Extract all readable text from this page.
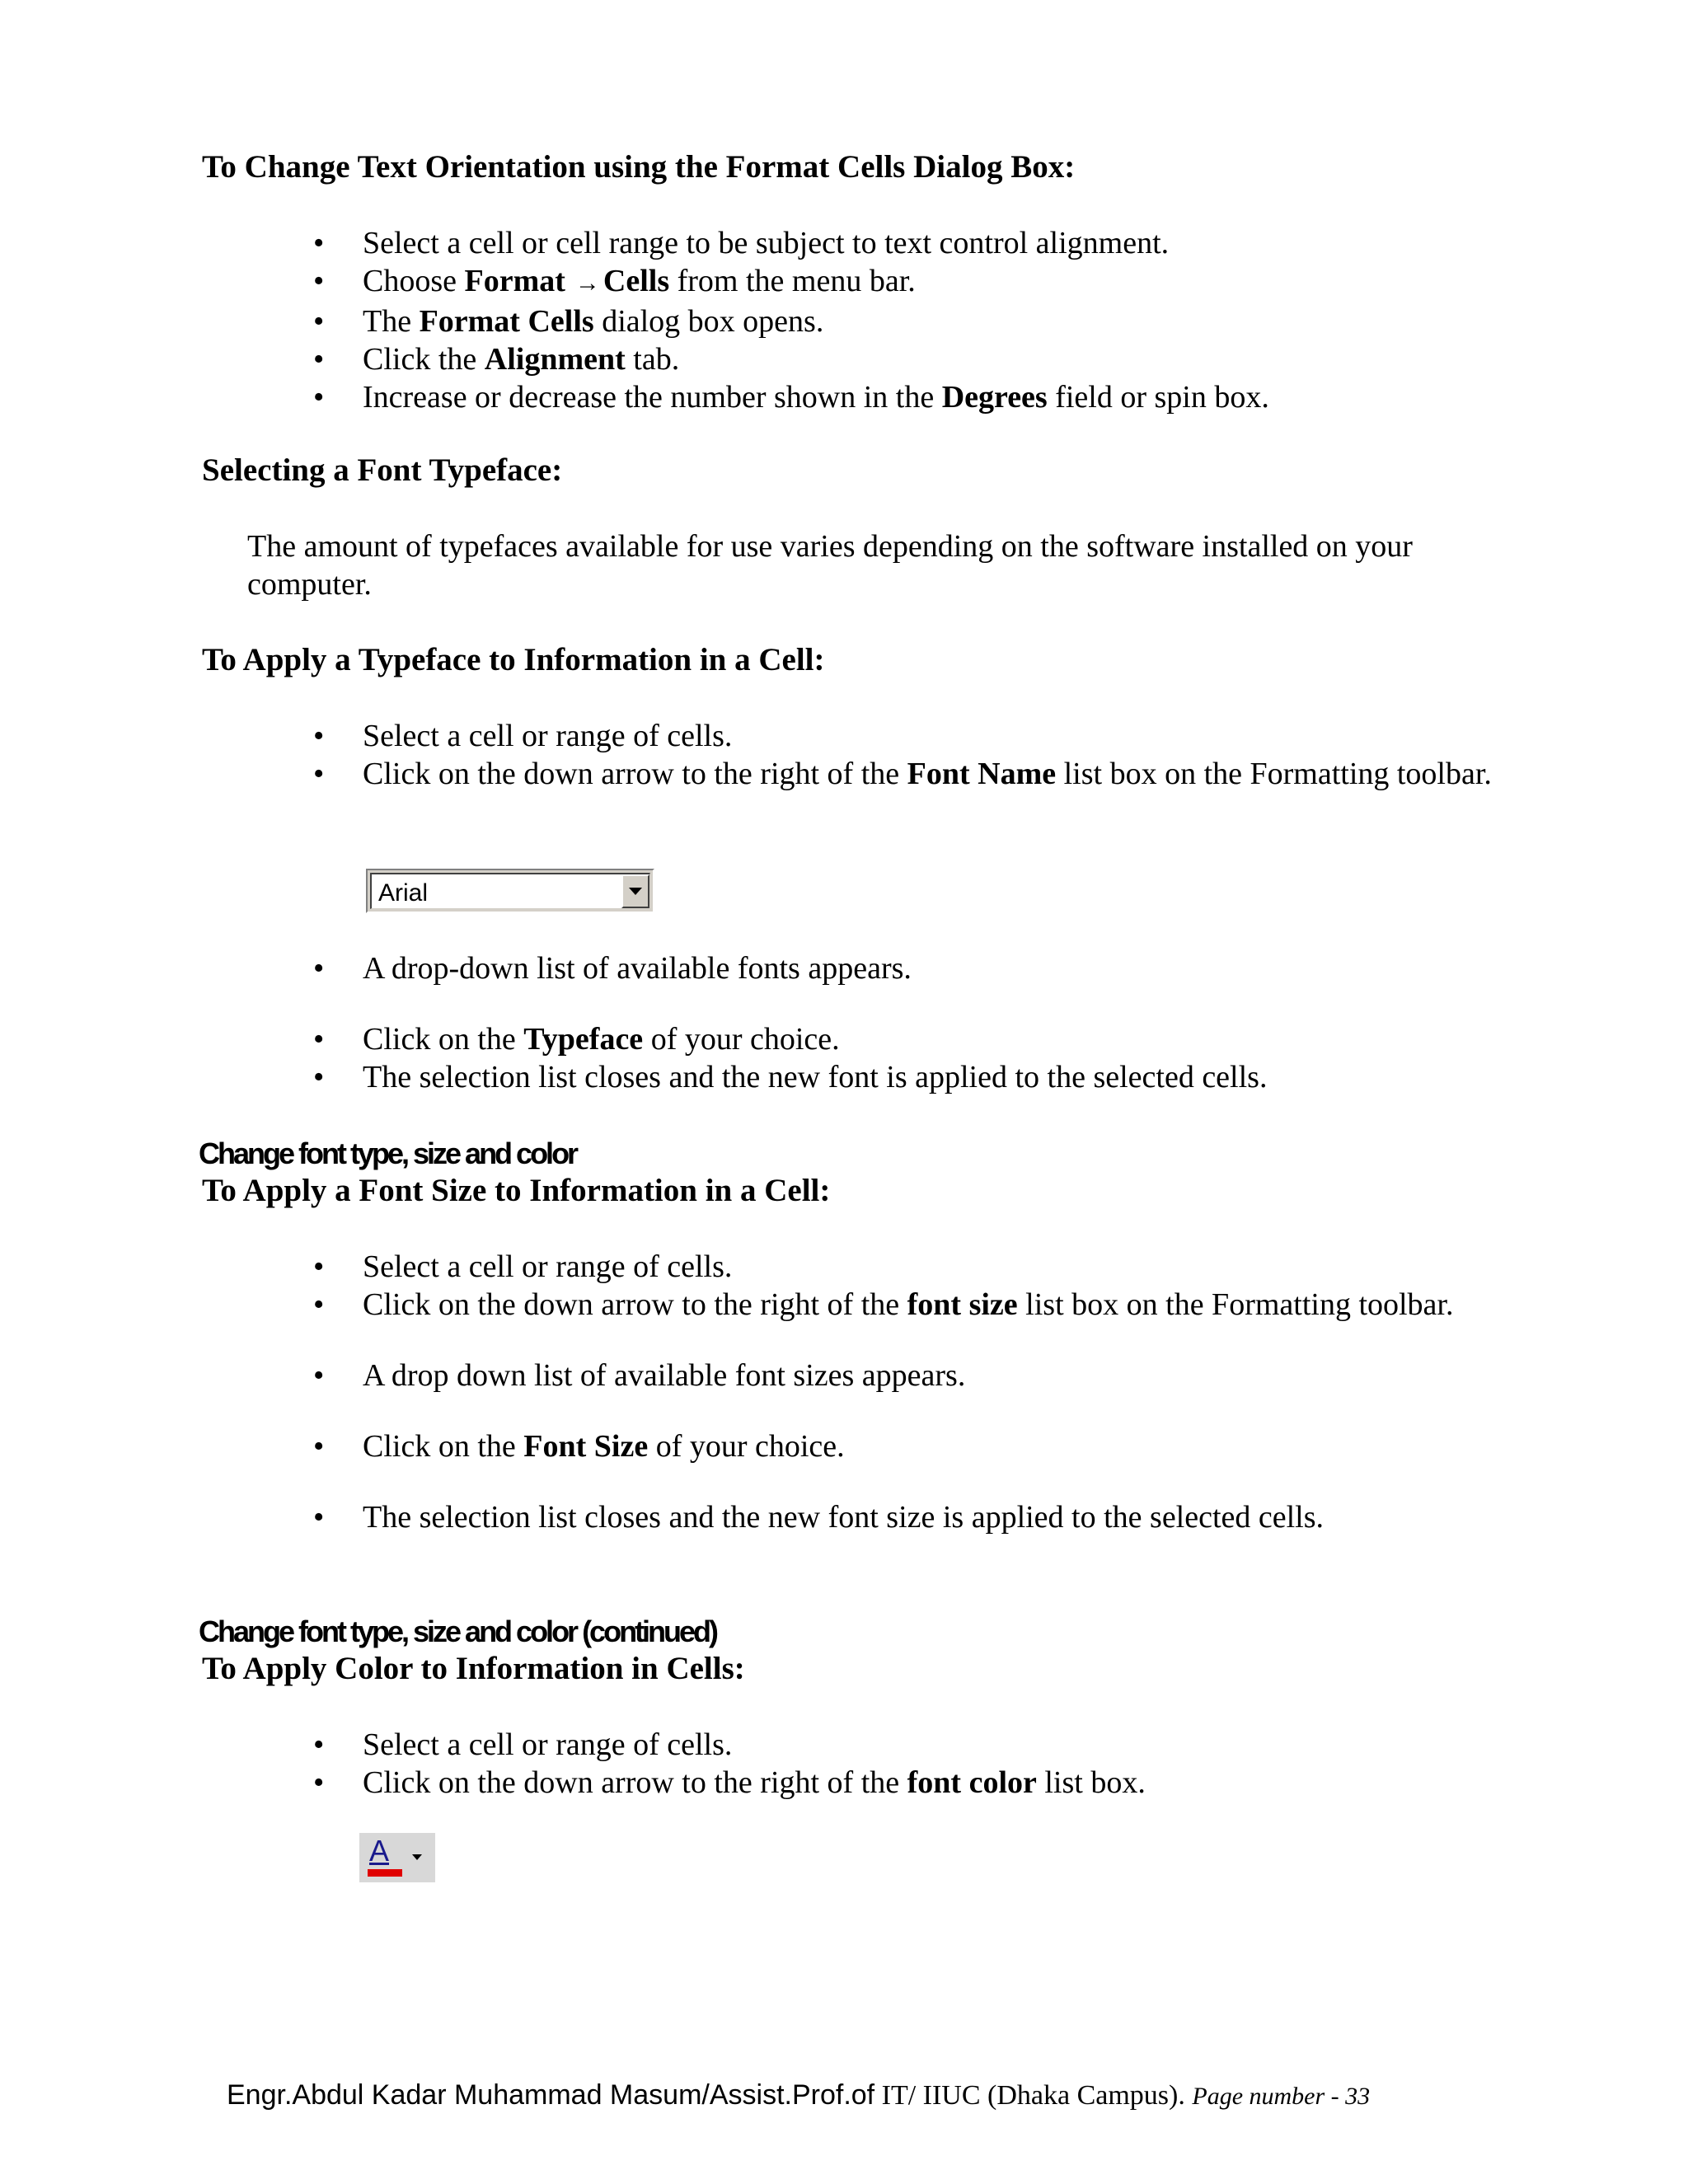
To Change Text Orientation using the Format Cells Dialog Box:
• Select a cell or cell range to be subject to text control alignment.
• Choose Format → Cells from the menu bar.
• The Format Cells dialog box opens.
• Click the Alignment tab.
• Increase or decrease the number shown in the Degrees field or spin box.
Selecting a Font Typeface:
The amount of typefaces available for use varies depending on the software installed on your computer.
To Apply a Typeface to Information in a Cell:
• Select a cell or range of cells.
• Click on the down arrow to the right of the Font Name list box on the Formatting toolbar.
Arial
• A drop-down list of available fonts appears.
• Click on the Typeface of your choice.
• The selection list closes and the new font is applied to the selected cells.
Change font type, size and color
To Apply a Font Size to Information in a Cell:
• Select a cell or range of cells.
• Click on the down arrow to the right of the font size list box on the Formatting toolbar.
• A drop down list of available font sizes appears.
• Click on the Font Size of your choice.
• The selection list closes and the new font size is applied to the selected cells.
Change font type, size and color (continued)
To Apply Color to Information in Cells:
• Select a cell or range of cells.
• Click on the down arrow to the right of the font color list box.
A
Engr.Abdul Kadar Muhammad Masum/Assist.Prof.of IT/ IIUC (Dhaka Campus). Page number - 33
